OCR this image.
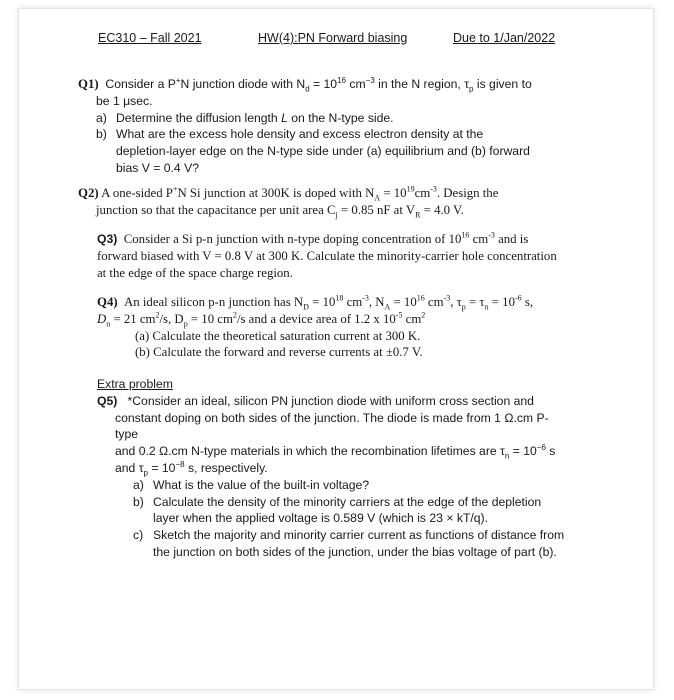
EC310 – Fall 2021	HW(4):PN Forward biasing	Due to 1/Jan/2022
Q1) Consider a P+N junction diode with $N_d = 10^{16}$ $cm^{-3}$ in the N region, $\tau_p$ is given to
be 1 μsec.
a) Determine the diffusion length L on the N-type side.
b) What are the excess hole density and excess electron density at the
depletion-layer edge on the N-type side under (a) equilibrium and (b) forward
bias V = 0.4 V?
Q2) A one-sided P+N Si junction at 300K is doped with $N_A = 10^{19}cm^{-3}$. Design the
junction so that the capacitance per unit area $C_j = 0.85$ nF at $V_R = 4.0$ V.
Q3) Consider a Si p-n junction with n-type doping concentration of $10^{16}$ $cm^{-3}$ and is
forward biased with V = 0.8 V at 300 K. Calculate the minority-carrier hole concentration
at the edge of the space charge region.
Q4) An ideal silicon p-n junction has $N_D = 10^{18}$ $cm^{-3}$, $N_A = 10^{16}$ $cm^{-3}$, $\tau_p = \tau_n = 10^{-6}$ s,
$D_n = 21$ $cm^2/s$, $D_p = 10$ $cm^2/s$ and a device area of 1.2 x $10^{-5}$ $cm^2$
(a) Calculate the theoretical saturation current at 300 K.
(b) Calculate the forward and reverse currents at ±0.7 V.
Extra problem
Q5) *Consider an ideal, silicon PN junction diode with uniform cross section and
constant doping on both sides of the junction. The diode is made from 1 Ω.cm P-type
and 0.2 Ω.cm N-type materials in which the recombination lifetimes are $\tau_n = 10^{-6}$ s
and $\tau_p = 10^{-8}$ s, respectively.
a) What is the value of the built-in voltage?
b) Calculate the density of the minority carriers at the edge of the depletion
layer when the applied voltage is 0.589 V (which is 23 × kT/q).
c) Sketch the majority and minority carrier current as functions of distance from
the junction on both sides of the junction, under the bias voltage of part (b).
